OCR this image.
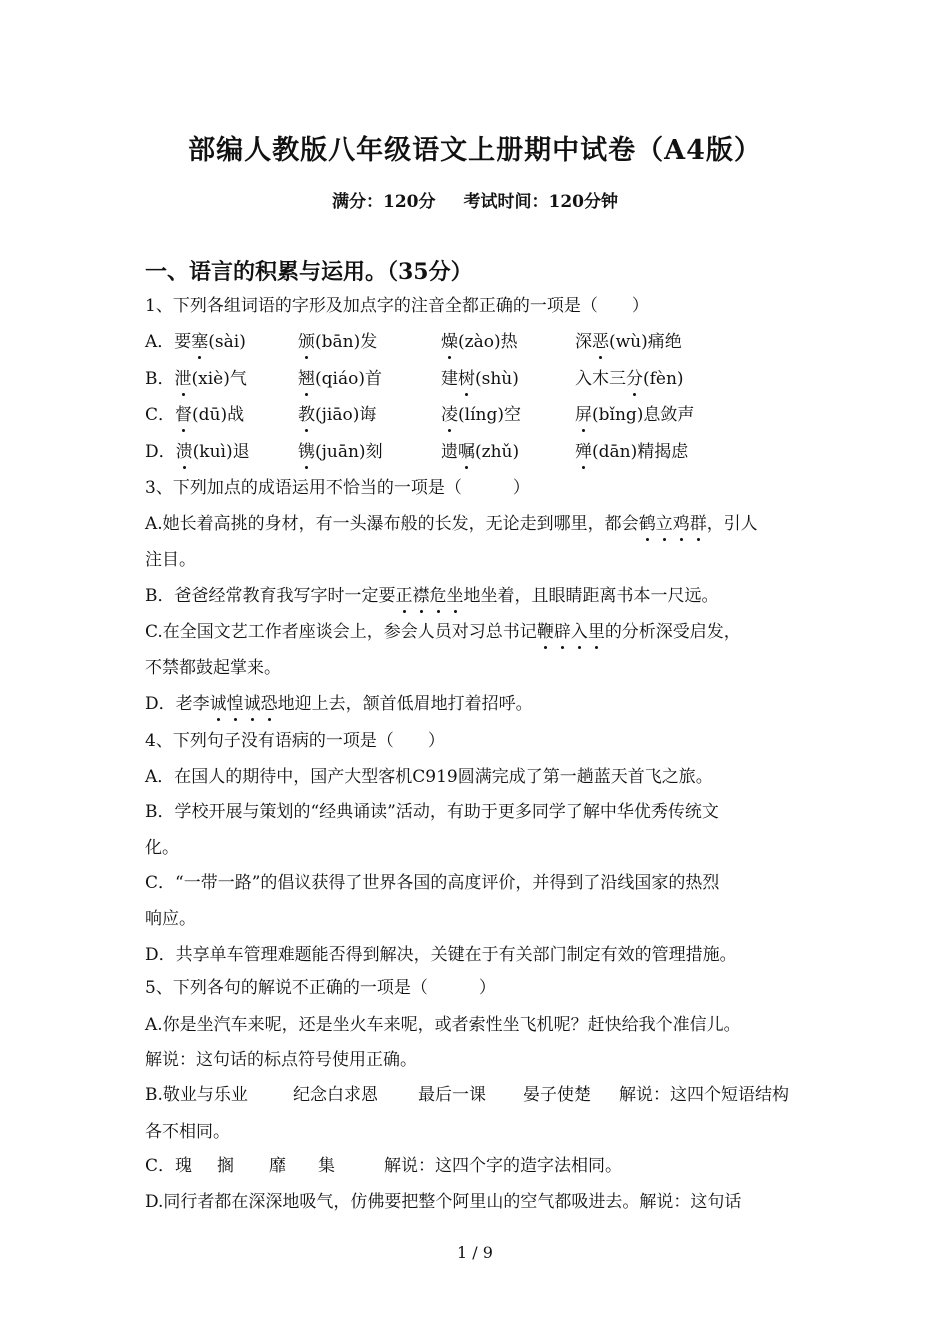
部编人教版八年级语文上册期中试卷（A4版）
满分：120分 考试时间：120分钟
一、语言的积累与运用。（35分）
1、下列各组词语的字形及加点字的注音全都正确的一项是（　　）
A．要塞(sài)	颁(bān)发	燥(zào)热	深恶(wù)痛绝
B．泄(xiè)气	翘(qiáo)首	建树(shù)	入木三分(fèn)
C．督(dū)战	教(jiāo)诲	凌(líng)空	屏(bǐng)息敛声
D．溃(kuì)退	镌(juān)刻	遗嘱(zhǔ)	殚(dān)精揭虑
3、下列加点的成语运用不恰当的一项是（　　　）
A.她长着高挑的身材，有一头瀑布般的长发，无论走到哪里，都会鹤立鸡群，引人
注目。
B．爸爸经常教育我写字时一定要正襟危坐地坐着，且眼睛距离书本一尺远。
C.在全国文艺工作者座谈会上，参会人员对习总书记鞭辟入里的分析深受启发，
不禁都鼓起掌来。
D．老李诚惶诚恐地迎上去，颔首低眉地打着招呼。
4、下列句子没有语病的一项是（　　）
A．在国人的期待中，国产大型客机C919圆满完成了第一趟蓝天首飞之旅。
B．学校开展与策划的“经典诵读”活动，有助于更多同学了解中华优秀传统文
化。
C．“一带一路”的倡议获得了世界各国的高度评价，并得到了沿线国家的热烈
响应。
D．共享单车管理难题能否得到解决，关键在于有关部门制定有效的管理措施。
5、下列各句的解说不正确的一项是（　　　）
A.你是坐汽车来呢，还是坐火车来呢，或者索性坐飞机呢？赶快给我个准信儿。
解说：这句话的标点符号使用正确。
B.敬业与乐业	纪念白求恩 最后一课 晏子使楚 解说：这四个短语结构
各不相同。
C．瑰 搁 靡 集	解说：这四个字的造字法相同。
D.同行者都在深深地吸气，仿佛要把整个阿里山的空气都吸进去。解说：这句话
1 / 9
